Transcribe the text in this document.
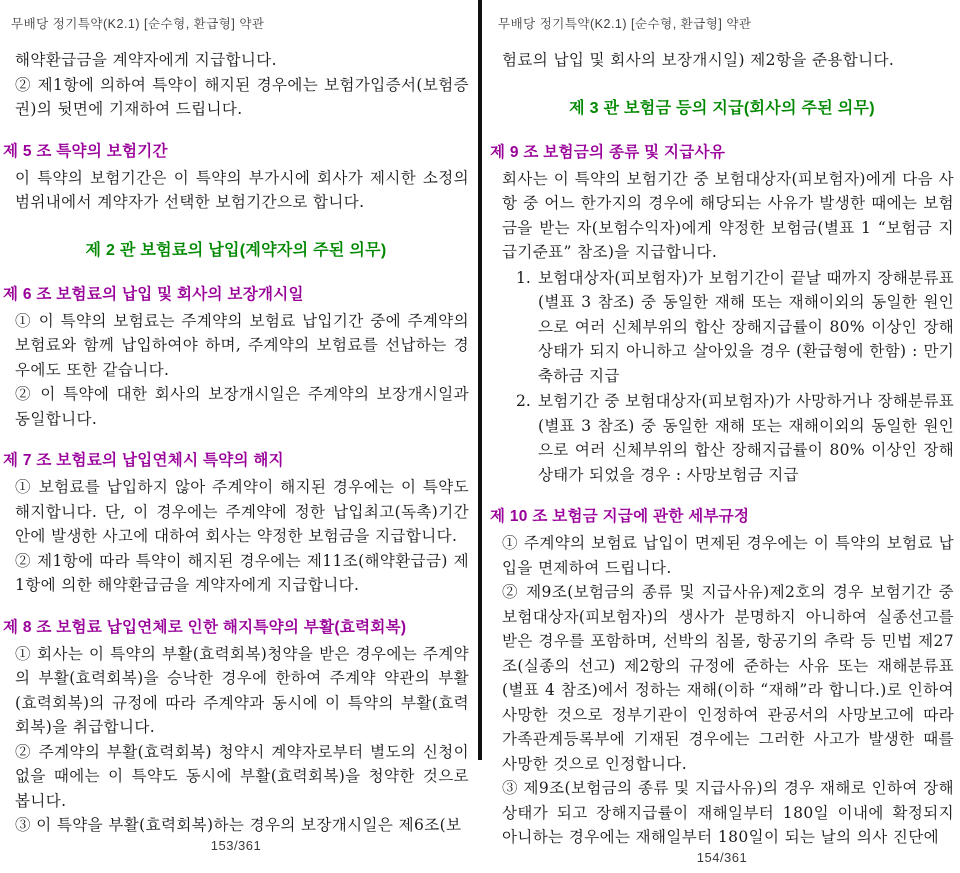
무배당 정기특약(K2.1) [순수형, 환급형] 약관

해약환급금을 계약자에게 지급합니다.

② 제1항에 의하여 특약이 해지된 경우에는 보험가입증서(보험증권)의 뒷면에 기재하여 드립니다.

제 5 조 특약의 보험기간

이 특약의 보험기간은 이 특약의 부가시에 회사가 제시한 소정의 범위내에서 계약자가 선택한 보험기간으로 합니다.

제 2 관 보험료의 납입(계약자의 주된 의무)
제 6 조 보험료의 납입 및 회사의 보장개시일

① 이 특약의 보험료는 주계약의 보험료 납입기간 중에 주계약의 보험료와 함께 납입하여야 하며, 주계약의 보험료를 선납하는 경우에도 또한 같습니다.

② 이 특약에 대한 회사의 보장개시일은 주계약의 보장개시일과 동일합니다.

제 7 조 보험료의 납입연체시 특약의 해지

① 보험료를 납입하지 않아 주계약이 해지된 경우에는 이 특약도 해지합니다. 단, 이 경우에는 주계약에 정한 납입최고(독촉)기간 안에 발생한 사고에 대하여 회사는 약정한 보험금을 지급합니다.

② 제1항에 따라 특약이 해지된 경우에는 제11조(해약환급금) 제1항에 의한 해약환급금을 계약자에게 지급합니다.

제 8 조 보험료 납입연체로 인한 해지특약의 부활(효력회복)

① 회사는 이 특약의 부활(효력회복)청약을 받은 경우에는 주계약의 부활(효력회복)을 승낙한 경우에 한하여 주계약 약관의 부활(효력회복)의 규정에 따라 주계약과 동시에 이 특약의 부활(효력회복)을 취급합니다.

② 주계약의 부활(효력회복) 청약시 계약자로부터 별도의 신청이 없을 때에는 이 특약도 동시에 부활(효력회복)을 청약한 것으로 봅니다.

③ 이 특약을 부활(효력회복)하는 경우의 보장개시일은 제6조(보

153/361
무배당 정기특약(K2.1) [순수형, 환급형] 약관

험료의 납입 및 회사의 보장개시일) 제2항을 준용합니다.

제 3 관 보험금 등의 지급(회사의 주된 의무)
제 9 조 보험금의 종류 및 지급사유

회사는 이 특약의 보험기간 중 보험대상자(피보험자)에게 다음 사항 중 어느 한가지의 경우에 해당되는 사유가 발생한 때에는 보험금을 받는 자(보험수익자)에게 약정한 보험금(별표 1 “보험금 지급기준표” 참조)을 지급합니다.

1. 보험대상자(피보험자)가 보험기간이 끝날 때까지 장해분류표 (별표 3 참조) 중 동일한 재해 또는 재해이외의 동일한 원인으로 여러 신체부위의 합산 장해지급률이 80% 이상인 장해상태가 되지 아니하고 살아있을 경우 (환급형에 한함) : 만기축하금 지급
2. 보험기간 중 보험대상자(피보험자)가 사망하거나 장해분류표(별표 3 참조) 중 동일한 재해 또는 재해이외의 동일한 원인으로 여러 신체부위의 합산 장해지급률이 80% 이상인 장해상태가 되었을 경우 : 사망보험금 지급
제 10 조 보험금 지급에 관한 세부규정

① 주계약의 보험료 납입이 면제된 경우에는 이 특약의 보험료 납입을 면제하여 드립니다.

② 제9조(보험금의 종류 및 지급사유)제2호의 경우 보험기간 중 보험대상자(피보험자)의 생사가 분명하지 아니하여 실종선고를 받은 경우를 포함하며, 선박의 침몰, 항공기의 추락 등 민법 제27조(실종의 선고) 제2항의 규정에 준하는 사유 또는 재해분류표 (별표 4 참조)에서 정하는 재해(이하 “재해”라 합니다.)로 인하여 사망한 것으로 정부기관이 인정하여 관공서의 사망보고에 따라 가족관계등록부에 기재된 경우에는 그러한 사고가 발생한 때를 사망한 것으로 인정합니다.

③ 제9조(보험금의 종류 및 지급사유)의 경우 재해로 인하여 장해상태가 되고 장해지급률이 재해일부터 180일 이내에 확정되지 아니하는 경우에는 재해일부터 180일이 되는 날의 의사 진단에

154/361
